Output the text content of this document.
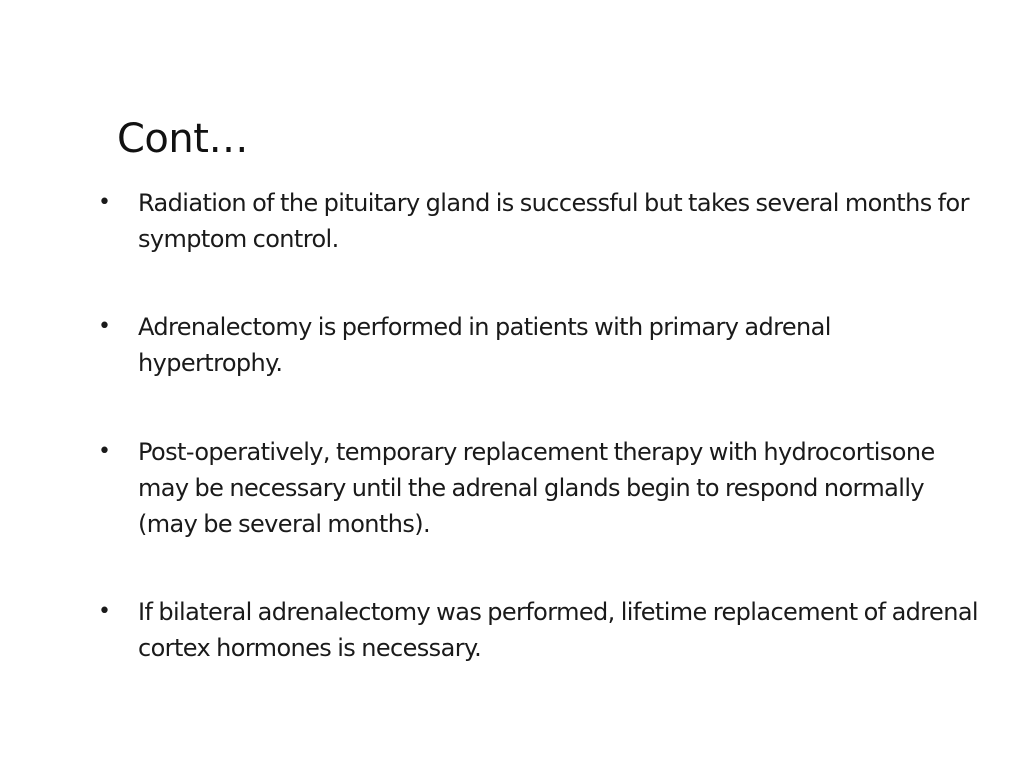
Cont…
• Radiation of the pituitary gland is successful but takes several months for symptom control.
• Adrenalectomy is performed in patients with primary adrenal hypertrophy.
• Post-operatively, temporary replacement therapy with hydrocortisone may be necessary until the adrenal glands begin to respond normally (may be several months).
• If bilateral adrenalectomy was performed, lifetime replacement of adrenal cortex hormones is necessary.
